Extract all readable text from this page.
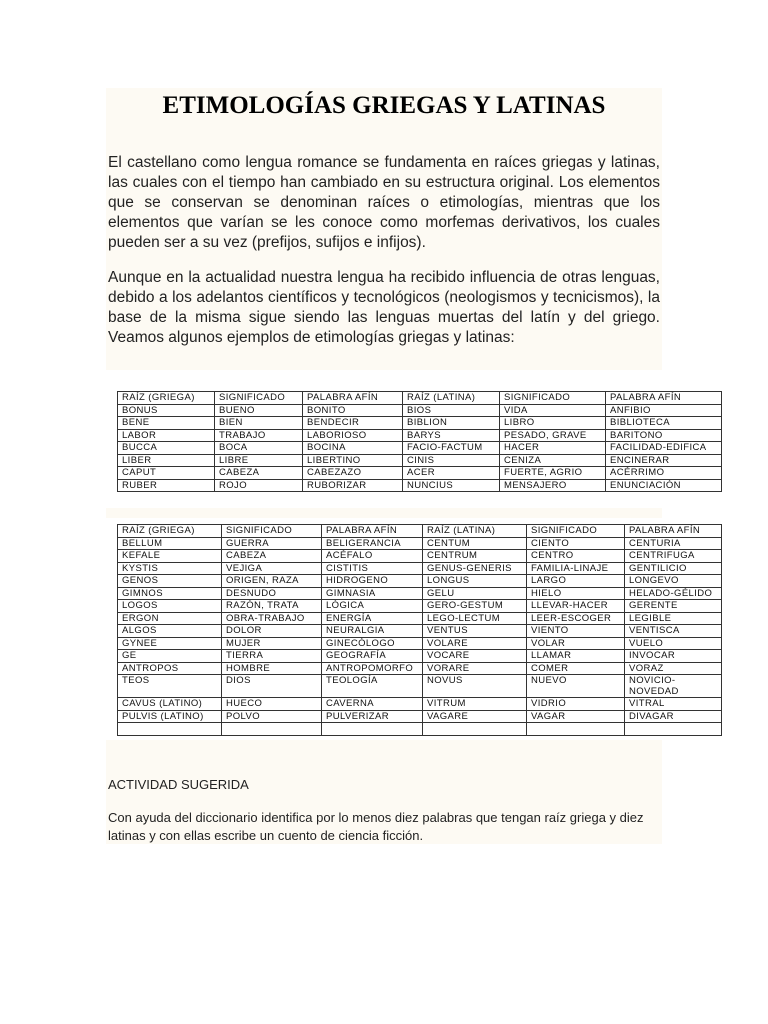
ETIMOLOGÍAS GRIEGAS Y LATINAS

El castellano como lengua romance se fundamenta en raíces griegas y latinas, las cuales con el tiempo han cambiado en su estructura original. Los elementos que se conservan se denominan raíces o etimologías, mientras que los elementos que varían se les conoce como morfemas derivativos, los cuales pueden ser a su vez (prefijos, sufijos e infijos).

Aunque en la actualidad nuestra lengua ha recibido influencia de otras lenguas, debido a los adelantos científicos y tecnológicos (neologismos y tecnicismos), la base de la misma sigue siendo las lenguas muertas del latín y del griego. Veamos algunos ejemplos de etimologías griegas y latinas:

RAÍZ (GRIEGA)	SIGNIFICADO	PALABRA AFÍN	RAÍZ (LATINA)	SIGNIFICADO	PALABRA AFÍN
BONUS	BUENO	BONITO	BIOS	VIDA	ANFIBIO
BENE	BIEN	BENDECIR	BIBLION	LIBRO	BIBLIOTECA
LABOR	TRABAJO	LABORIOSO	BARYS	PESADO, GRAVE	BARITONO
BUCCA	BOCA	BOCINA	FACIO-FACTUM	HACER	FACILIDAD-EDIFICA
LIBER	LIBRE	LIBERTINO	CINIS	CENIZA	ENCINERAR
CAPUT	CABEZA	CABEZAZO	ACER	FUERTE, AGRIO	ACÉRRIMO
RUBER	ROJO	RUBORIZAR	NUNCIUS	MENSAJERO	ENUNCIACIÓN
RAÍZ (GRIEGA)	SIGNIFICADO	PALABRA AFÍN	RAÍZ (LATINA)	SIGNIFICADO	PALABRA AFÍN
BELLUM	GUERRA	BELIGERANCIA	CENTUM	CIENTO	CENTURIA
KEFALE	CABEZA	ACÉFALO	CENTRUM	CENTRO	CENTRIFUGA
KYSTIS	VEJIGA	CISTITIS	GENUS-GENERIS	FAMILIA-LINAJE	GENTILICIO
GENOS	ORIGEN, RAZA	HIDROGENO	LONGUS	LARGO	LONGEVO
GIMNOS	DESNUDO	GIMNASIA	GELU	HIELO	HELADO-GÉLIDO
LOGOS	RAZÓN, TRATA	LÓGICA	GERO-GESTUM	LLEVAR-HACER	GERENTE
ERGON	OBRA-TRABAJO	ENERGÍA	LEGO-LECTUM	LEER-ESCOGER	LEGIBLE
ALGOS	DOLOR	NEURALGIA	VENTUS	VIENTO	VENTISCA
GYNEE	MUJER	GINECÓLOGO	VOLARE	VOLAR	VUELO
GE	TIERRA	GEOGRAFÍA	VOCARE	LLAMAR	INVOCAR
ANTROPOS	HOMBRE	ANTROPOMORFO	VORARE	COMER	VORAZ
TEOS	DIOS	TEOLOGÍA	NOVUS	NUEVO	NOVICIO-NOVEDAD
CAVUS (LATINO)	HUECO	CAVERNA	VITRUM	VIDRIO	VITRAL
PULVIS (LATINO)	POLVO	PULVERIZAR	VAGARE	VAGAR	DIVAGAR

ACTIVIDAD SUGERIDA

Con ayuda del diccionario identifica por lo menos diez palabras que tengan raíz griega y diez latinas y con ellas escribe un cuento de ciencia ficción.
